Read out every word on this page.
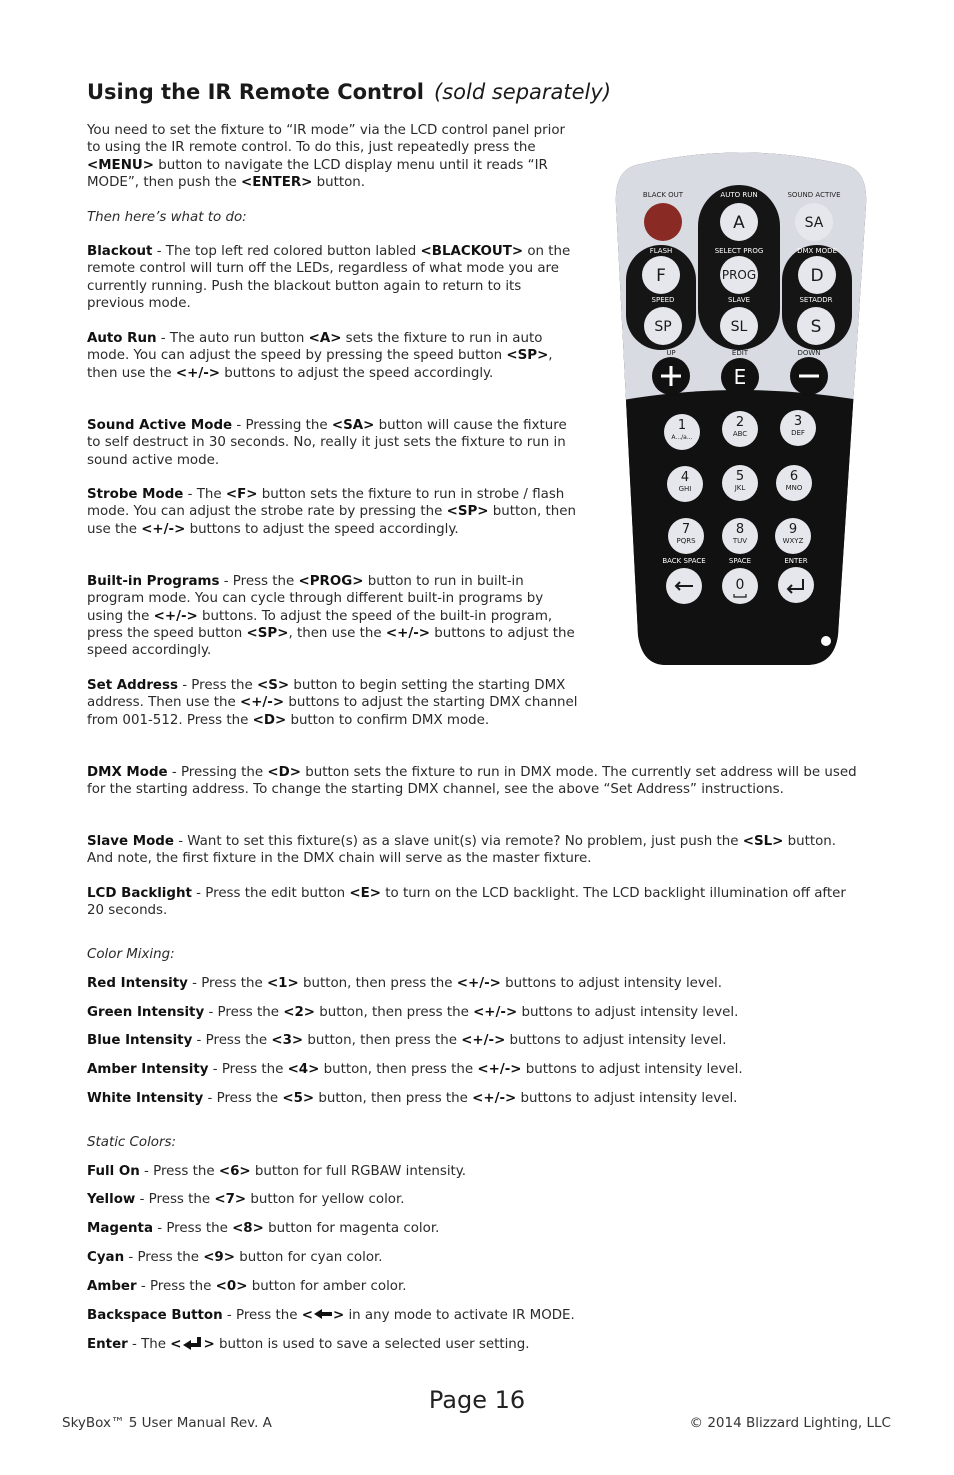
Using the IR Remote Control (sold separately)
You need to set the fixture to “IR mode” via the LCD control panel prior to using the IR remote control. To do this, just repeatedly press the <MENU> button to navigate the LCD display menu until it reads “IR MODE”, then push the <ENTER> button.
Then here’s what to do:
Blackout - The top left red colored button labled <BLACKOUT> on the remote control will turn off the LEDs, regardless of what mode you are currently running. Push the blackout button again to return to its previous mode.
Auto Run - The auto run button <A> sets the fixture to run in auto mode. You can adjust the speed by pressing the speed button <SP>, then use the <+/-> buttons to adjust the speed accordingly.
Sound Active Mode - Pressing the <SA> button will cause the fixture to self destruct in 30 seconds. No, really it just sets the fixture to run in sound active mode.
Strobe Mode - The <F> button sets the fixture to run in strobe / flash mode. You can adjust the strobe rate by pressing the <SP> button, then use the <+/-> buttons to adjust the speed accordingly.
Built-in Programs - Press the <PROG> button to run in built-in program mode. You can cycle through different built-in programs by using the <+/-> buttons. To adjust the speed of the built-in program, press the speed button <SP>, then use the <+/-> buttons to adjust the speed accordingly.
Set Address - Press the <S> button to begin setting the starting DMX address. Then use the <+/-> buttons to adjust the starting DMX channel from 001-512. Press the <D> button to confirm DMX mode.
DMX Mode - Pressing the <D> button sets the fixture to run in DMX mode. The currently set address will be used for the starting address. To change the starting DMX channel, see the above “Set Address” instructions.
Slave Mode - Want to set this fixture(s) as a slave unit(s) via remote? No problem, just push the <SL> button. And note, the first fixture in the DMX chain will serve as the master fixture.
LCD Backlight - Press the edit button <E> to turn on the LCD backlight. The LCD backlight illumination off after 20 seconds.
Color Mixing:
Red Intensity - Press the <1> button, then press the <+/-> buttons to adjust intensity level.
Green Intensity - Press the <2> button, then press the <+/-> buttons to adjust intensity level.
Blue Intensity - Press the <3> button, then press the <+/-> buttons to adjust intensity level.
Amber Intensity - Press the <4> button, then press the <+/-> buttons to adjust intensity level.
White Intensity - Press the <5> button, then press the <+/-> buttons to adjust intensity level.
Static Colors:
Full On - Press the <6> button for full RGBAW intensity.
Yellow - Press the <7> button for yellow color.
Magenta - Press the <8> button for magenta color.
Cyan - Press the <9> button for cyan color.
Amber - Press the <0> button for amber color.
Backspace Button - Press the < > in any mode to activate IR MODE.
Enter - The < > button is used to save a selected user setting.
BLACK OUT	AUTO RUN	SOUND ACTIVE
FLASH	SELECT PROG	DMX MODE
SPEED	SLAVE	SETADDR
UP	EDIT	DOWN
BACK SPACE	SPACE	ENTER
A	SA
F	PROG	D
SP	SL	S
E
1
A.../a...
2
ABC
3
DEF
4
GHI
5
JKL
6
MNO
7
PQRS
8
TUV
9
WXYZ
0
Page 16
SkyBox™ 5 User Manual Rev. A	© 2014 Blizzard Lighting, LLC
